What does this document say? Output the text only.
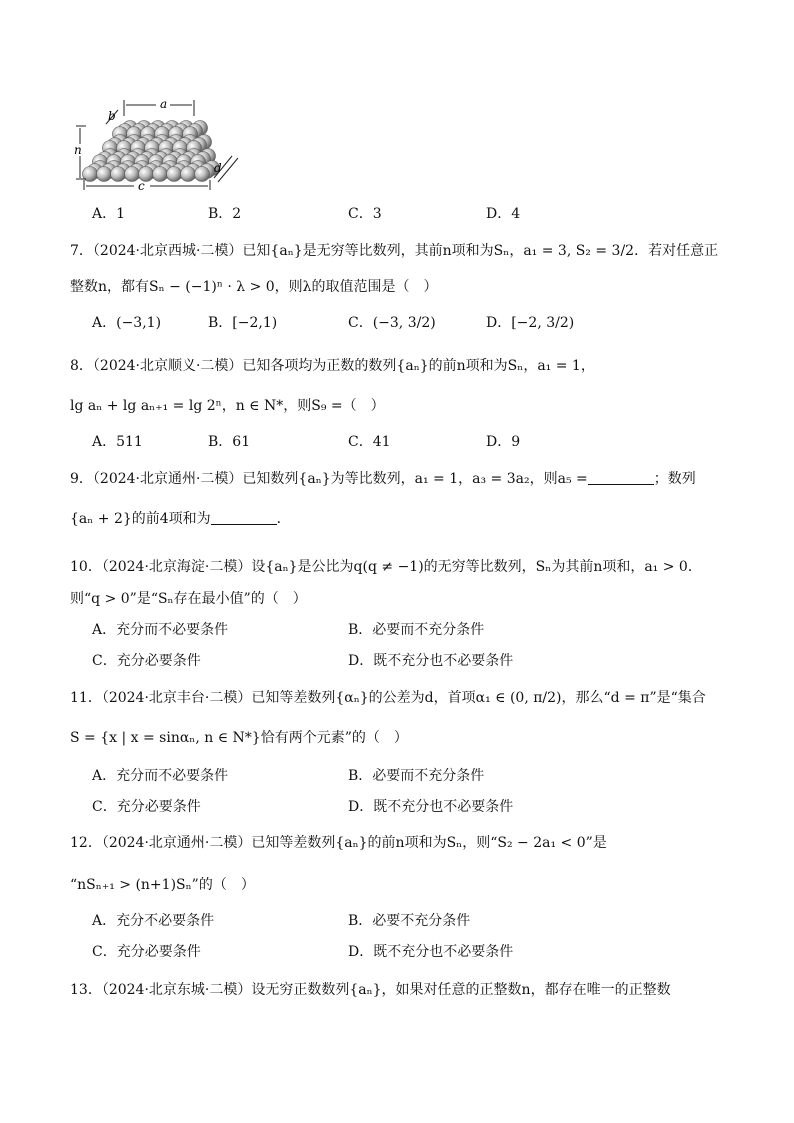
a
b
c
d
n
A．1	B．2	C．3	D．4
7．（2024·北京西城·二模）已知{aₙ}是无穷等比数列，其前n项和为Sₙ，a₁ = 3, S₂ = 3/2．若对任意正
整数n，都有Sₙ − (−1)ⁿ · λ > 0，则λ的取值范围是（　）
A．(−3,1)	B．[−2,1)	C．(−3, 3/2)	D．[−2, 3/2)
8．（2024·北京顺义·二模）已知各项均为正数的数列{aₙ}的前n项和为Sₙ，a₁ = 1，
lg aₙ + lg aₙ₊₁ = lg 2ⁿ，n ∈ N*，则S₉ =（　）
A．511	B．61	C．41	D．9
9．（2024·北京通州·二模）已知数列{aₙ}为等比数列，a₁ = 1，a₃ = 3a₂，则a₅ =	；数列
{aₙ + 2}的前4项和为	．
10．（2024·北京海淀·二模）设{aₙ}是公比为q(q ≠ −1)的无穷等比数列，Sₙ为其前n项和，a₁ > 0．
则“q > 0”是“Sₙ存在最小值”的（　）
A．充分而不必要条件	B．必要而不充分条件
C．充分必要条件	D．既不充分也不必要条件
11．（2024·北京丰台·二模）已知等差数列{αₙ}的公差为d，首项α₁ ∈ (0, π/2)，那么“d = π”是“集合
S = {x | x = sinαₙ, n ∈ N*}恰有两个元素”的（　）
A．充分而不必要条件	B．必要而不充分条件
C．充分必要条件	D．既不充分也不必要条件
12．（2024·北京通州·二模）已知等差数列{aₙ}的前n项和为Sₙ，则“S₂ − 2a₁ < 0”是
“nSₙ₊₁ > (n+1)Sₙ”的（　）
A．充分不必要条件	B．必要不充分条件
C．充分必要条件	D．既不充分也不必要条件
13．（2024·北京东城·二模）设无穷正数数列{aₙ}，如果对任意的正整数n，都存在唯一的正整数
